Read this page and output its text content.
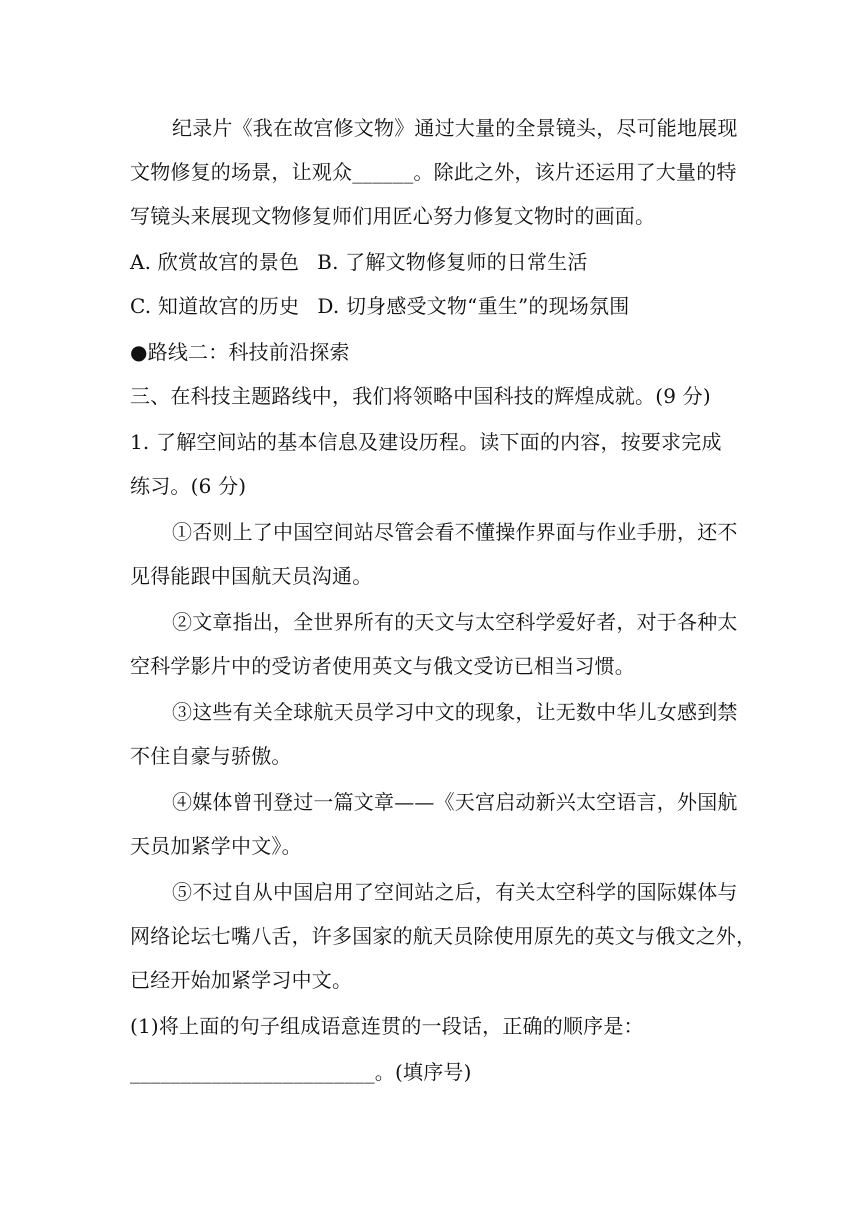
纪录片《我在故宫修文物》通过大量的全景镜头，尽可能地展现
文物修复的场景，让观众______。除此之外，该片还运用了大量的特
写镜头来展现文物修复师们用匠心努力修复文物时的画面。
A. 欣赏故宫的景色 B. 了解文物修复师的日常生活
C. 知道故宫的历史 D. 切身感受文物“重生”的现场氛围
●路线二：科技前沿探索
三、在科技主题路线中，我们将领略中国科技的辉煌成就。(9 分)
1. 了解空间站的基本信息及建设历程。读下面的内容，按要求完成
练习。(6 分)
①否则上了中国空间站尽管会看不懂操作界面与作业手册，还不
见得能跟中国航天员沟通。
②文章指出，全世界所有的天文与太空科学爱好者，对于各种太
空科学影片中的受访者使用英文与俄文受访已相当习惯。
③这些有关全球航天员学习中文的现象，让无数中华儿女感到禁
不住自豪与骄傲。
④媒体曾刊登过一篇文章——《天宫启动新兴太空语言，外国航
天员加紧学中文》。
⑤不过自从中国启用了空间站之后，有关太空科学的国际媒体与
网络论坛七嘴八舌，许多国家的航天员除使用原先的英文与俄文之外，
已经开始加紧学习中文。
(1)将上面的句子组成语意连贯的一段话，正确的顺序是：
________________________。(填序号)
